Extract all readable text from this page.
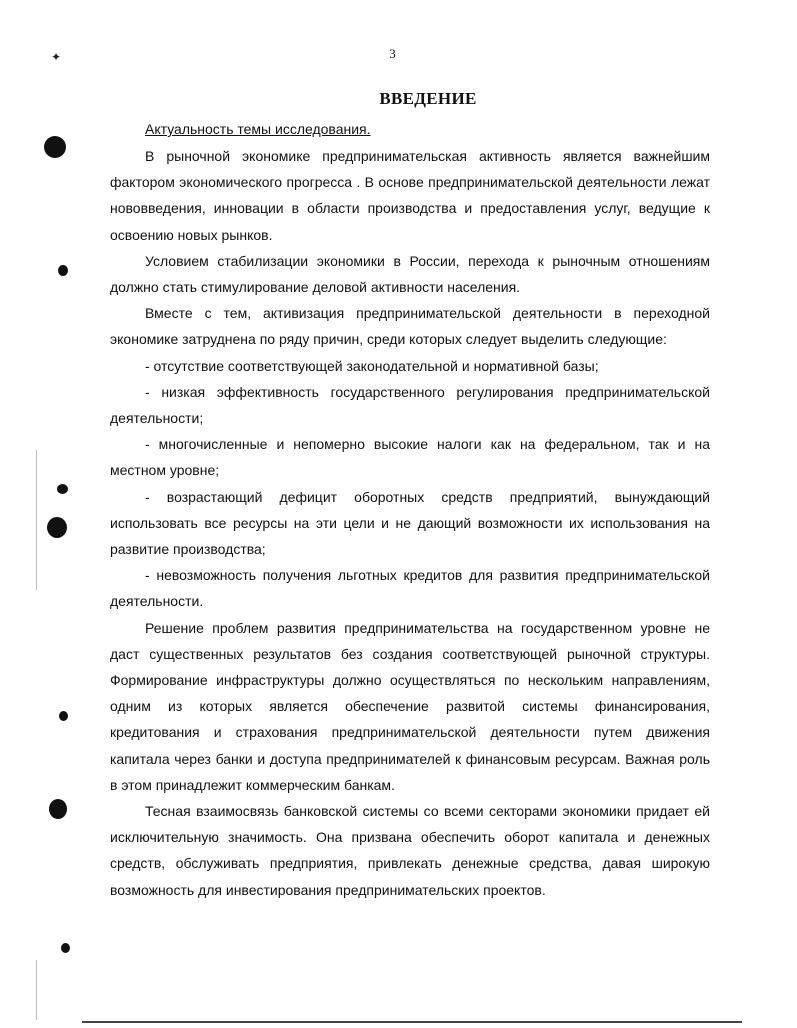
✦	3
ВВЕДЕНИЕ
Актуальность темы исследования.

В рыночной экономике предпринимательская активность является важнейшим фактором экономического прогресса . В основе предпринимательской деятельности лежат нововведения, инновации в области производства и предоставления услуг, ведущие к освоению новых рынков.

Условием стабилизации экономики в России, перехода к рыночным отношениям должно стать стимулирование деловой активности населения.

Вместе с тем, активизация предпринимательской деятельности в переходной экономике затруднена по ряду причин, среди которых следует выделить следующие:

- отсутствие соответствующей законодательной и нормативной базы;

- низкая эффективность государственного регулирования предпринимательской деятельности;

- многочисленные и непомерно высокие налоги как на федеральном, так и на местном уровне;

- возрастающий дефицит оборотных средств предприятий, вынуждающий использовать все ресурсы на эти цели и не дающий возможности их использования на развитие производства;

- невозможность получения льготных кредитов для развития предпринимательской деятельности.

Решение проблем развития предпринимательства на государственном уровне не даст существенных результатов без создания соответствующей рыночной структуры. Формирование инфраструктуры должно осуществляться по нескольким направлениям, одним из которых является обеспечение развитой системы финансирования, кредитования и страхования предпринимательской деятельности путем движения капитала через банки и доступа предпринимателей к финансовым ресурсам. Важная роль в этом принадлежит коммерческим банкам.

Тесная взаимосвязь банковской системы со всеми секторами экономики придает ей исключительную значимость. Она призвана обеспечить оборот капитала и денежных средств, обслуживать предприятия, привлекать денежные средства, давая широкую возможность для инвестирования предпринимательских проектов.
